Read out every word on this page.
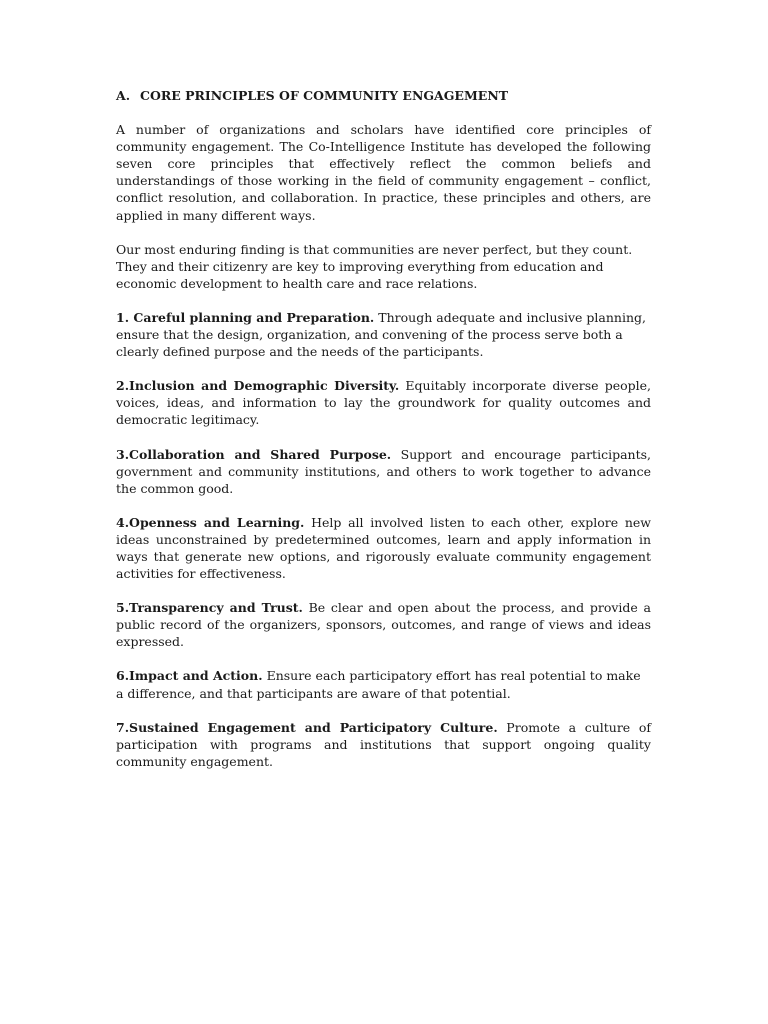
A. CORE PRINCIPLES OF COMMUNITY ENGAGEMENT

A number of organizations and scholars have identified core principles of community engagement. The Co-Intelligence Institute has developed the following seven core principles that effectively reflect the common beliefs and understandings of those working in the field of community engagement – conflict, conflict resolution, and collaboration. In practice, these principles and others, are applied in many different ways.

Our most enduring finding is that communities are never perfect, but they count. They and their citizenry are key to improving everything from education and economic development to health care and race relations.

1. Careful planning and Preparation. Through adequate and inclusive planning, ensure that the design, organization, and convening of the process serve both a clearly defined purpose and the needs of the participants.

2.Inclusion and Demographic Diversity. Equitably incorporate diverse people, voices, ideas, and information to lay the groundwork for quality outcomes and democratic legitimacy.

3.Collaboration and Shared Purpose. Support and encourage participants, government and community institutions, and others to work together to advance the common good.

4.Openness and Learning. Help all involved listen to each other, explore new ideas unconstrained by predetermined outcomes, learn and apply information in ways that generate new options, and rigorously evaluate community engagement activities for effectiveness.

5.Transparency and Trust. Be clear and open about the process, and provide a public record of the organizers, sponsors, outcomes, and range of views and ideas expressed.

6.Impact and Action. Ensure each participatory effort has real potential to make a difference, and that participants are aware of that potential.

7.Sustained Engagement and Participatory Culture. Promote a culture of participation with programs and institutions that support ongoing quality community engagement.
